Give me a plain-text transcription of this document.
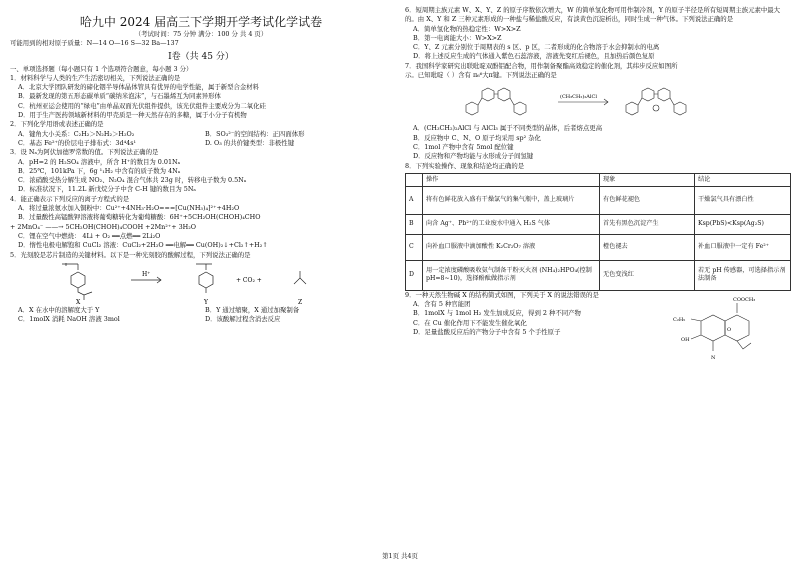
哈九中 2024 届高三下学期开学考试化学试卷
（考试时间：75 分钟 满分：100 分 共 4 页）
可能用到的相对原子质量：N—14 O—16 S—32 Ba—137
I卷（共 45 分）
一、单项选择题（每小题只有 1 个选项符合题意，每小题 3 分）
1．材料科学与人类的生产生活密切相关，下列说法正确的是
A．北京大学团队研发的碲化铟半导体晶体管具有优异的电学性能，属于新型合金材料
B．最新发现的第五形态碳单质“碳纳米泡沫”，与石墨烯互为同素异形体
C．杭州亚运会使用的“绿电”由单晶双面光伏组件提供，该光伏组件主要成分为二氧化硅
D．用于生产医药领域新材料的甲壳质是一种天然存在的多糖，属于小分子有机物
2．下列化学用语或表述正确的是
A．键角大小关系：C₂H₂＞N₂H₂＞H₂O₂	B．SO₃²⁻的空间结构：正四面体形
C．基态 Fe²⁺的价层电子排布式：3d⁴4s¹	D. O₃ 的共价键类型：非极性键
3．设 Nₐ为阿伏加德罗常数的值。下列说法正确的是
A．pH=2 的 H₂SO₄ 溶液中，所含 H⁺的数目为 0.01Nₐ
B．25℃，101kPa 下，6g ¹₁H₂ 中含有的质子数为 4Nₐ
C．浓硝酸受热分解生成 NO₂、N₂O₄ 混合气体共 23g 时，转移电子数为 0.5Nₐ
D．标准状况下，11.2L 新戊烷分子中含 C-H 键的数目为 5Nₐ
4．能正确表示下列反应的离子方程式的是
A．将过量浓氨水加入铜粉中：Cu²⁺+4NH₃·H₂O===[Cu(NH₃)₄]²⁺+4H₂O
B．过量酸性高锰酸钾溶液将葡萄糖转化为葡萄糖酸：6H⁺+5CH₂OH(CHOH)₄CHO
+ 2MnO₄⁻ ——→ 5CH₂OH(CHOH)₄COOH +2Mn²⁺+ 3H₂O
C．锂在空气中燃烧： 4Li + O₂ ══点燃══ 2Li₂O
D．惰性电极电解饱和 CuCl₂ 溶液：CuCl₂+2H₂O ══电解══ Cu(OH)₂↓+Cl₂↑+H₂↑
5．光刻胶是芯片制造的关键材料。以下是一种光刻胶的酸解过程，下列说法正确的是
X
H⁺
Y
+ CO₂ +
Z
A．X 在水中的溶解度大于 Y	B．Y 通过缩聚，X 通过加聚制备
C．1molX 消耗 NaOH 溶液 3mol	D．该酸解过程含消去反应
6．短周期主族元素 W、X、Y、Z 的原子序数依次增大，W 的简单氢化物可用作制冷剂，Y 的原子半径是所有短周期主族元素中最大的。由 X、Y 和 Z 三种元素形成的一种盐与稀盐酸反应，有淡黄色沉淀析出，同时生成一种气体。下列说法正确的是
A．简单氢化物的热稳定性：W>X>Z
B．第一电离能大小：W>X>Z
C．Y、Z 元素分别位于周期表的 s 区、p 区，二者形成的化合物溶于水会抑制水的电离
D．将上述反应生成的气体通入紫色石蕊溶液，溶液先变红后褪色，且加热后颜色复原
7．我国科学家研究出联吡啶双酚铝配合物，用作制备聚酯高效稳定的催化剂，其纬步反应如图所
示。已知吡啶（ ）含有 π₆⁶大π键。下列说法正确的是
(CH₃CH₂)₂AlCl
A．(CH₃CH₂)₂AlCl 与 AlCl₃ 属于不同类型的晶体，后者熔点更高
B．反应物中 C、N、O 原子均采用 sp² 杂化
C．1mol 产物中含有 5mol 配位键
D．反应物和产物均能与水形成分子间氢键
8．下列实验操作、现象和结论均正确的是
	操作	现象	结论
A	将有色鲜花放入盛有干燥氯气的集气瓶中，盖上玻璃片	有色鲜花褪色	干燥氯气具有漂白性
B	向含 Ag⁺、Pb²⁺的工业废水中通入 H₂S 气体	首先有黑色沉淀产生	Ksp(PbS)<Ksp(Ag₂S)
C	向补血口服液中滴加酸性 K₂Cr₂O₇ 溶液	橙色褪去	补血口服液中一定有 Fe²⁺
D	用一定浓度磷酸吸收氨气制备干粉灭火剂 (NH₄)₂HPO₄(控制 pH=8~10)，选择酚酞做指示剂	无色变浅红	若无 pH 传感器，可选择指示剂法制备
9．一种天然生物碱 X 的结构简式如图，下列关于 X 的说法错误的是
A．含有 5 种官能团
B．1molX 与 1mol H₂ 发生加成反应，得到 2 种不同产物
C．在 Cu 催化作用下不能发生催化氧化
D．足量盐酸反应后的产物分子中含有 5 个手性原子
COOCH₃
C₂H₅
OH
N
O
第1页 共4页
